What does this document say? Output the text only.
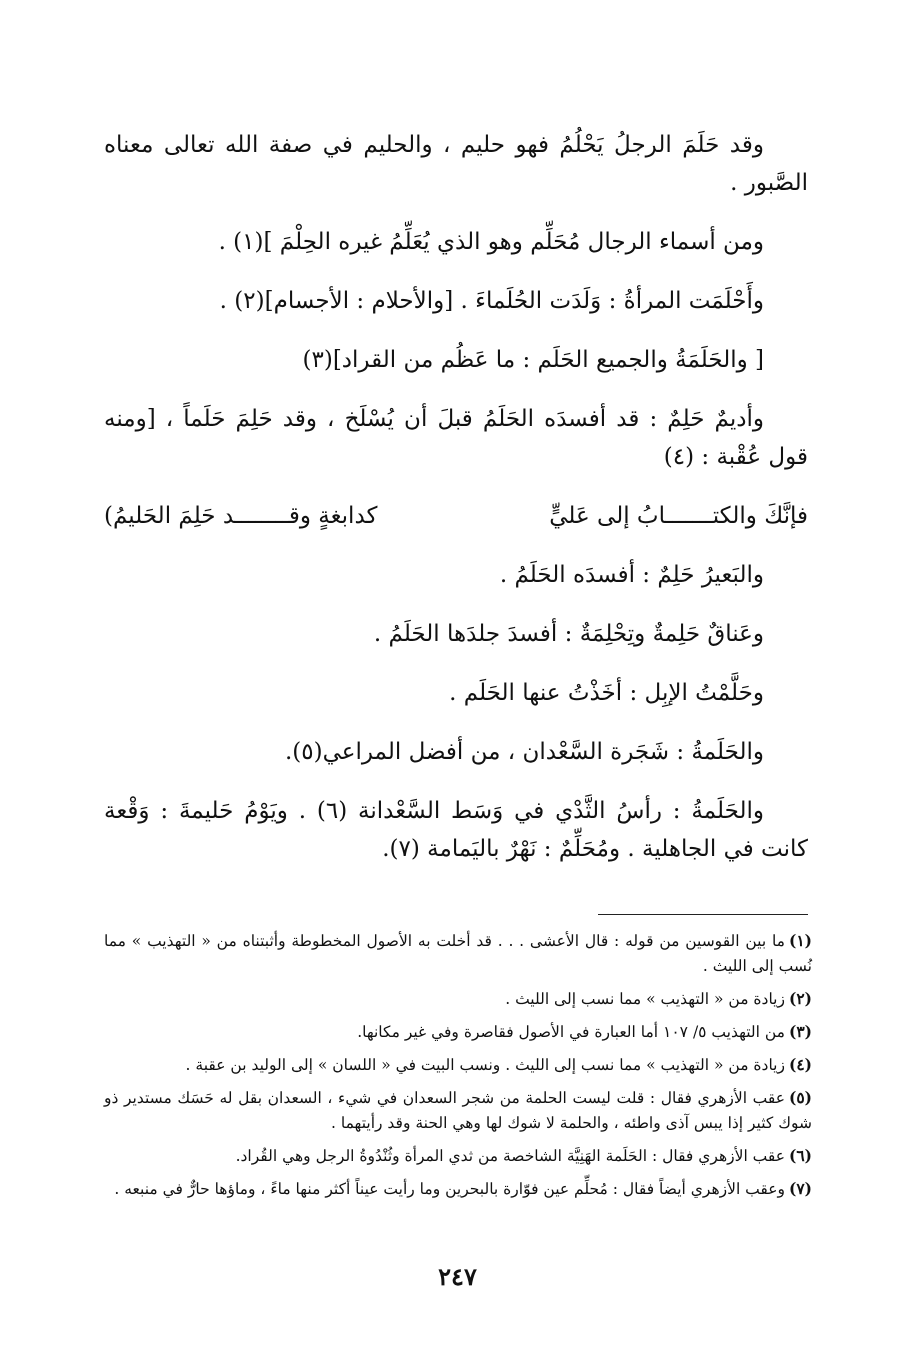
وقد حَلَمَ الرجلُ يَحْلُمُ فهو حليم ، والحليم في صفة الله تعالى معناه الصَّبور .

ومن أسماء الرجال مُحَلِّم وهو الذي يُعَلِّمُ غيره الحِلْمَ ](١) .

وأَحْلَمَت المرأةُ : وَلَدَت الحُلَماءَ . [والأحلام : الأجسام](٢) .

[ والحَلَمَةُ والجميع الحَلَم : ما عَظُم من القراد](٣)

وأديمٌ حَلِمٌ : قد أفسدَه الحَلَمُ قبلَ أن يُسْلَخ ، وقد حَلِمَ حَلَماً ، [ومنه قول عُقْبة : (٤)

فإنَّكَ والكتـــــــابُ إلى عَليٍّ
كدابغةٍ وقــــــــد حَلِمَ الحَليمُ)

والبَعيرُ حَلِمٌ : أفسدَه الحَلَمُ .

وعَناقٌ حَلِمةٌ وتِحْلِمَةٌ : أفسدَ جلدَها الحَلَمُ .

وحَلَّمْتُ الإبِل : أخَذْتُ عنها الحَلَم .

والحَلَمةُ : شَجَرة السَّعْدان ، من أفضل المراعي(٥).

والحَلَمةُ : رأسُ الثَّدْي في وَسَط السَّعْدانة (٦) . ويَوْمُ حَليمةَ : وَقْعة كانت في الجاهلية . ومُحَلِّمٌ : نَهْرٌ باليَمامة (٧).

(١)ما بين القوسين من قوله : قال الأعشى . . . قد أخلت به الأصول المخطوطة وأثبتناه من « التهذيب » مما نُسب إلى الليث .

(٢)زيادة من « التهذيب » مما نسب إلى الليث .

(٣)من التهذيب ٥/ ١٠٧ أما العبارة في الأصول فقاصرة وفي غير مكانها.

(٤)زيادة من « التهذيب » مما نسب إلى الليث . ونسب البيت في « اللسان » إلى الوليد بن عقبة .

(٥)عقب الأزهري فقال : قلت ليست الحلمة من شجر السعدان في شيء ، السعدان بقل له حَسَك مستدير ذو شوك كثير إذا يبس آذى واطئه ، والحلمة لا شوك لها وهي الحنة وقد رأيتهما .

(٦)عقب الأزهري فقال : الحَلَمة الهَنِيَّة الشاخصة من ثدي المرأة وثُنْدُوةُ الرجل وهي القُراد.

(٧)وعقب الأزهري أيضاً فقال : مُحلِّم عين فوّارة بالبحرين وما رأيت عيناً أكثر منها ماءً ، وماؤها حارٌّ في منبعه .

٢٤٧
